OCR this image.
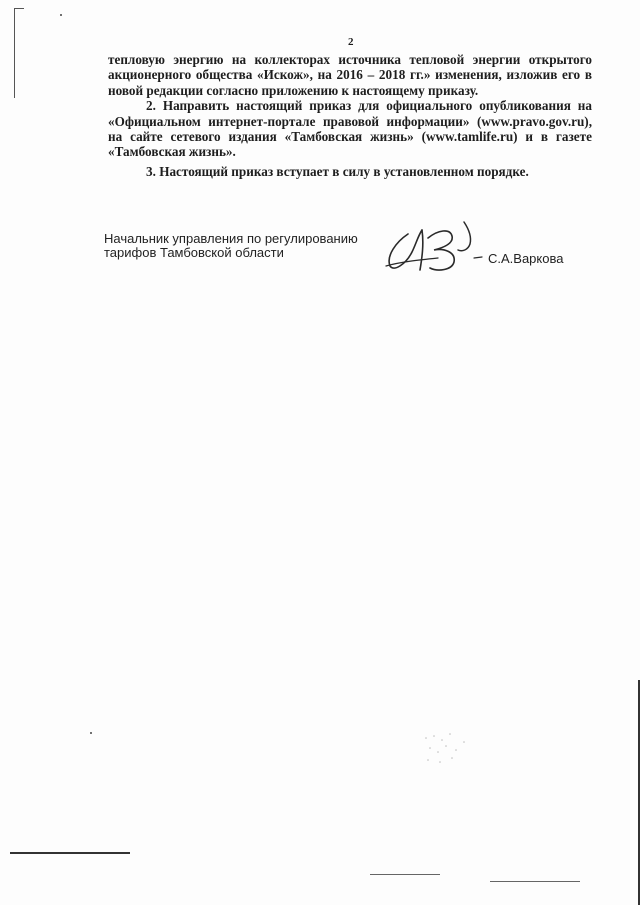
2

тепловую энергию на коллекторах источника тепловой энергии открытого акционерного общества «Искож», на 2016 – 2018 гг.» изменения, изложив его в новой редакции согласно приложению к настоящему приказу.

2. Направить настоящий приказ для официального опубликования на «Официальном интернет-портале правовой информации» (www.pravo.gov.ru), на сайте сетевого издания «Тамбовская жизнь» (www.tamlife.ru) и в газете «Тамбовская жизнь».

3. Настоящий приказ вступает в силу в установленном порядке.

Начальник управления по регулированию
тарифов Тамбовской области	С.А.Варкова
